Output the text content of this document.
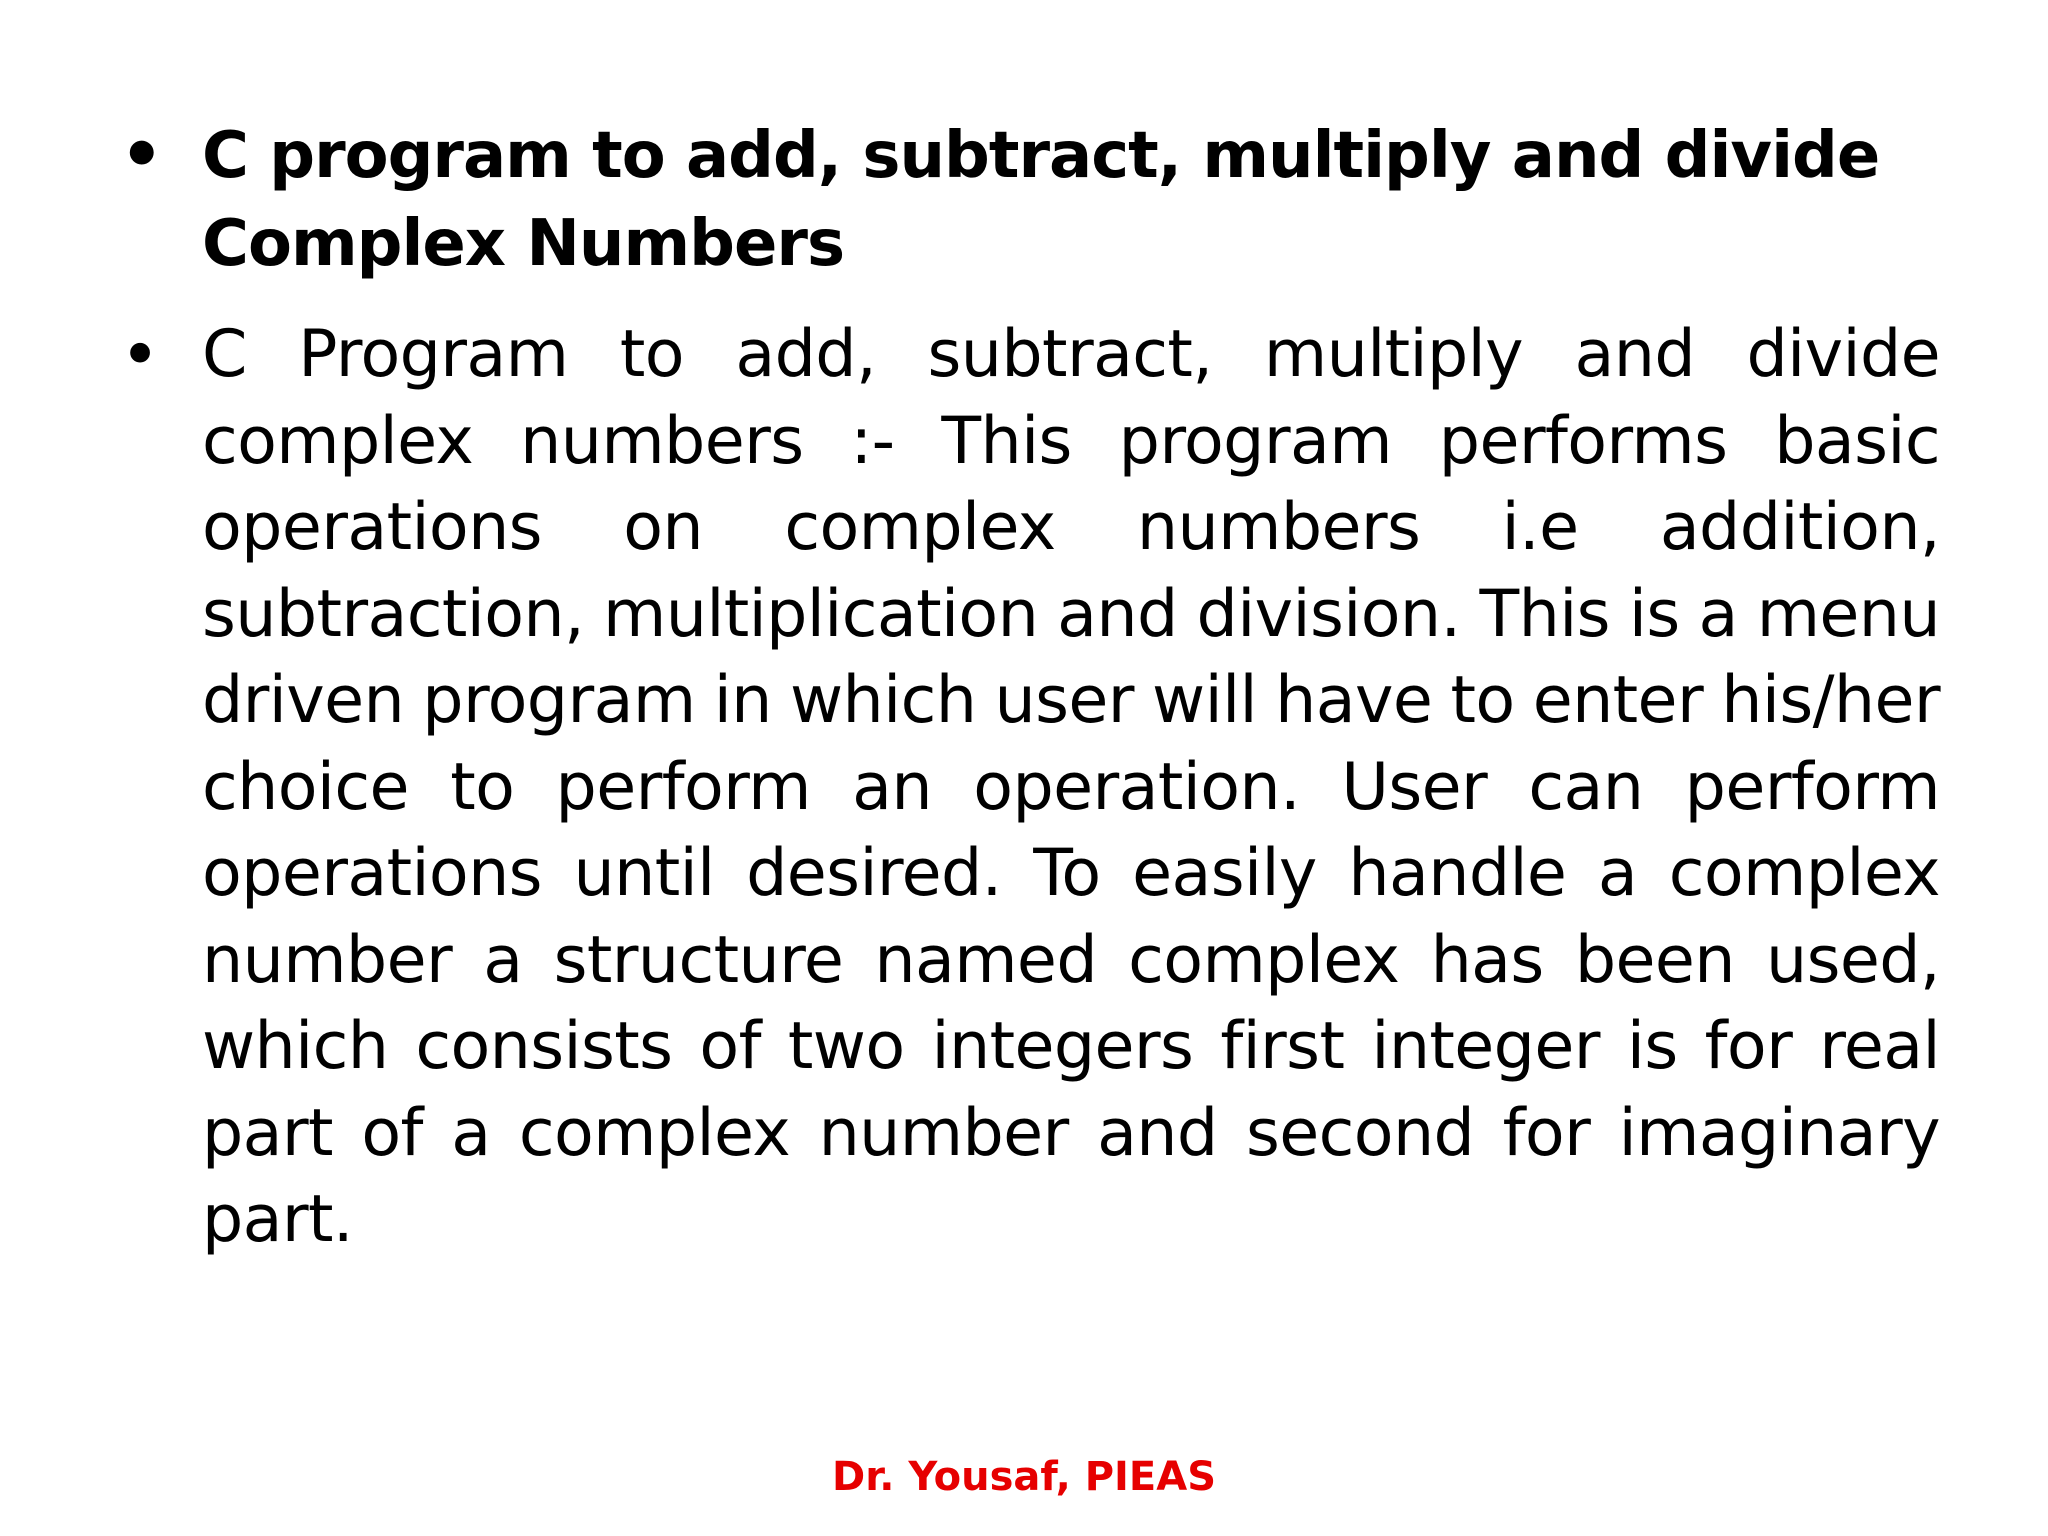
• C program to add, subtract, multiply and divide Complex Numbers
• C Program to add, subtract, multiply and divide complex numbers :- This program performs basic operations on complex numbers i.e addition, subtraction, multiplication and division. This is a menu driven program in which user will have to enter his/her choice to perform an operation. User can perform operations until desired. To easily handle a complex number a structure named complex has been used, which consists of two integers first integer is for real part of a complex number and second for imaginary part.
Dr. Yousaf, PIEAS
